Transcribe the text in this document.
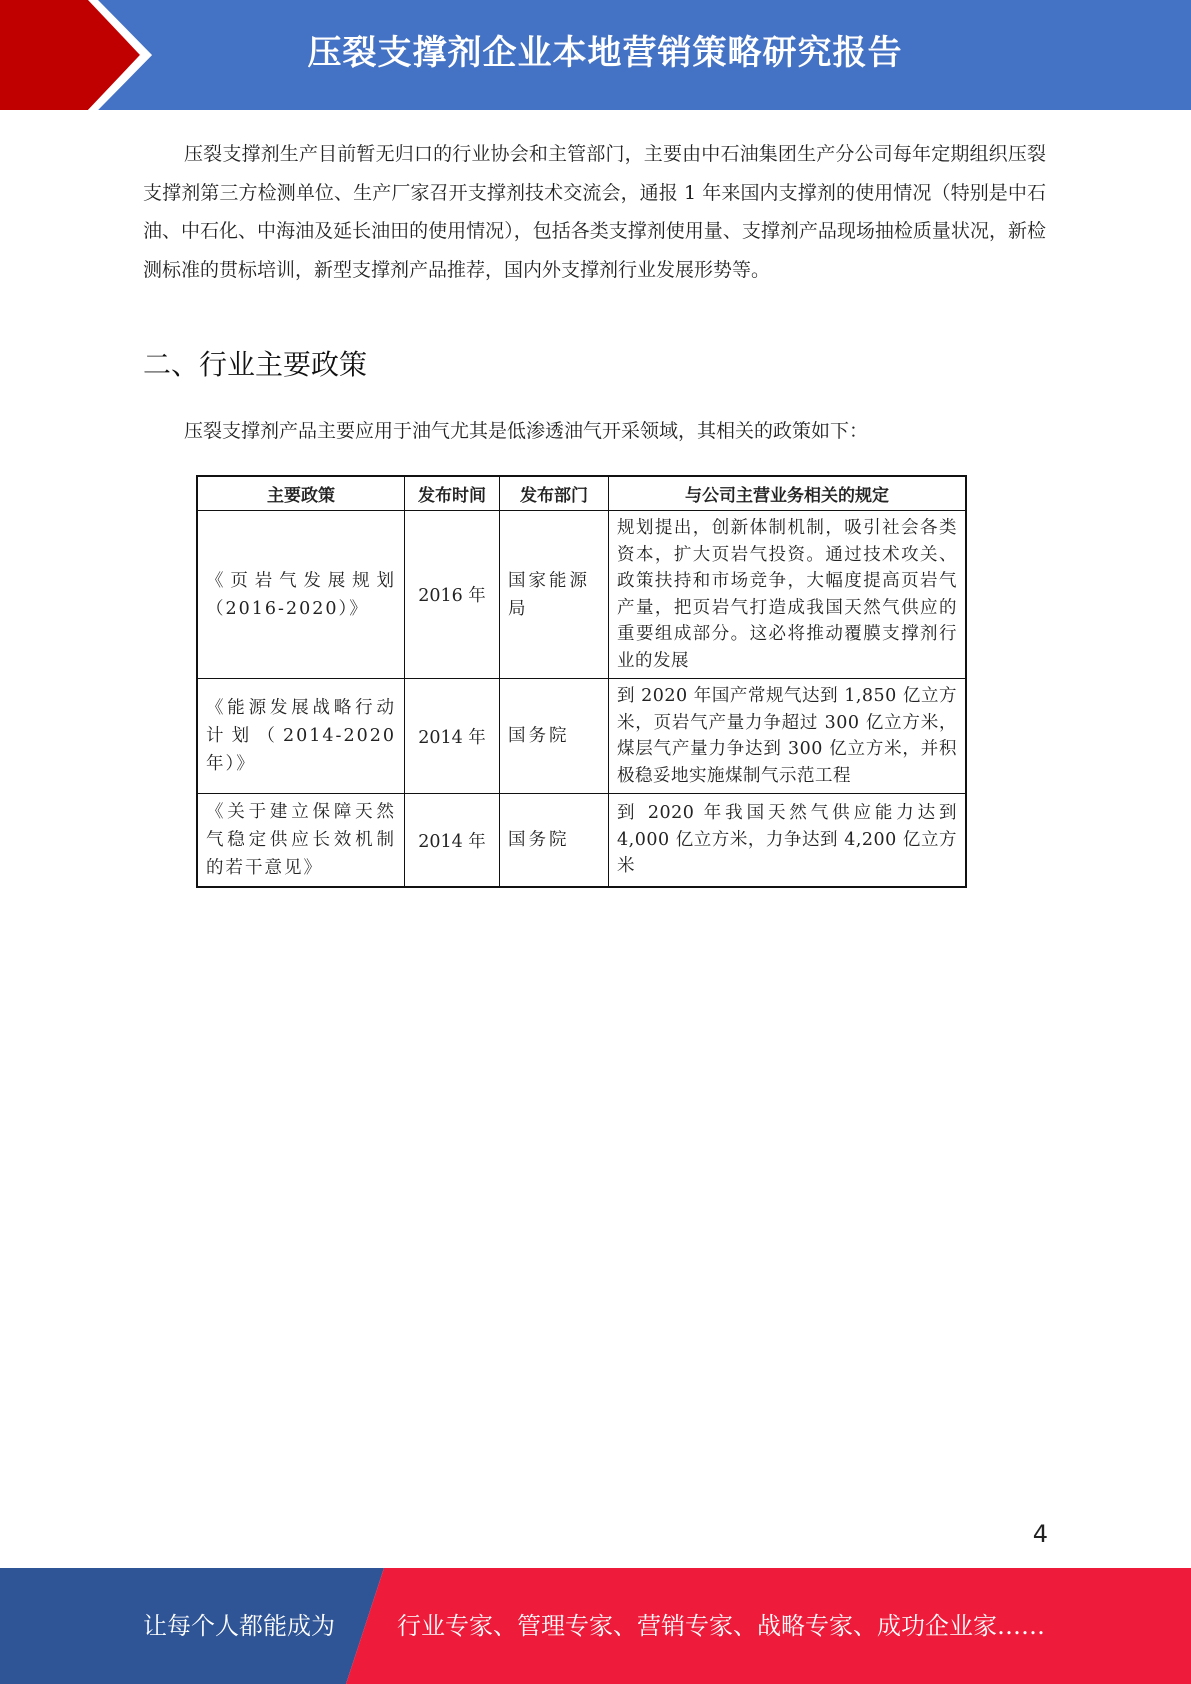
压裂支撑剂企业本地营销策略研究报告

压裂支撑剂生产目前暂无归口的行业协会和主管部门，主要由中石油集团生产分公司每年定期组织压裂支撑剂第三方检测单位、生产厂家召开支撑剂技术交流会，通报 1 年来国内支撑剂的使用情况（特别是中石油、中石化、中海油及延长油田的使用情况），包括各类支撑剂使用量、支撑剂产品现场抽检质量状况，新检测标准的贯标培训，新型支撑剂产品推荐，国内外支撑剂行业发展形势等。

二、行业主要政策

压裂支撑剂产品主要应用于油气尤其是低渗透油气开采领域，其相关的政策如下：

主要政策	发布时间	发布部门	与公司主营业务相关的规定
《页岩气发展规划（2016-2020）》	2016 年	国家能源局	规划提出，创新体制机制，吸引社会各类资本，扩大页岩气投资。通过技术攻关、政策扶持和市场竞争，大幅度提高页岩气产量，把页岩气打造成我国天然气供应的重要组成部分。这必将推动覆膜支撑剂行业的发展
《能源发展战略行动计划（2014-2020 年）》	2014 年	国务院	到 2020 年国产常规气达到 1,850 亿立方米，页岩气产量力争超过 300 亿立方米，煤层气产量力争达到 300 亿立方米，并积极稳妥地实施煤制气示范工程
《关于建立保障天然气稳定供应长效机制的若干意见》	2014 年	国务院	到 2020 年我国天然气供应能力达到 4,000 亿立方米，力争达到 4,200 亿立方米
4
让每个人都能成为	行业专家、管理专家、营销专家、战略专家、成功企业家……
